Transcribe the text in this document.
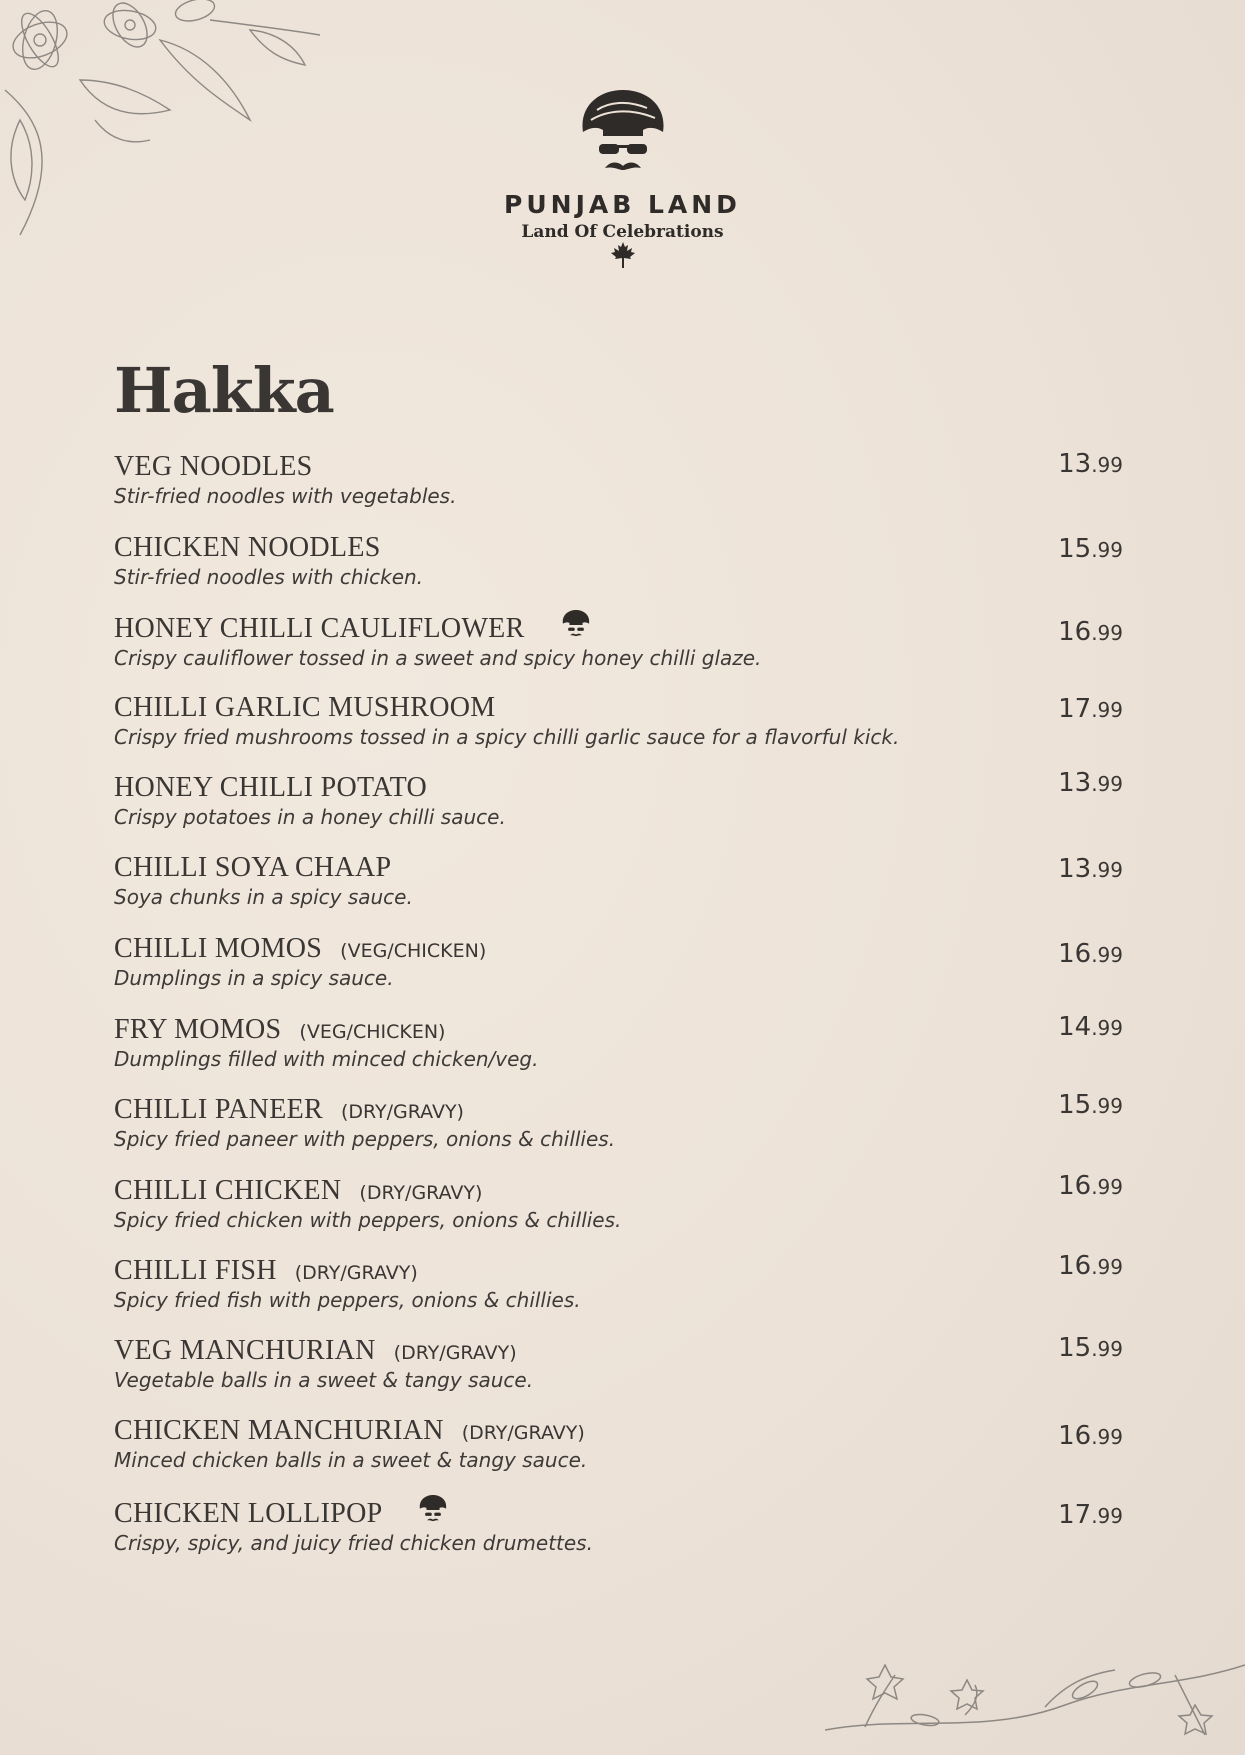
PUNJAB LAND
Land Of Celebrations
Hakka
VEG NOODLES
Stir-fried noodles with vegetables.
13.99
CHICKEN NOODLES
Stir-fried noodles with chicken.
15.99
HONEY CHILLI CAULIFLOWER
Crispy cauliflower tossed in a sweet and spicy honey chilli glaze.
16.99
CHILLI GARLIC MUSHROOM
Crispy fried mushrooms tossed in a spicy chilli garlic sauce for a flavorful kick.
17.99
HONEY CHILLI POTATO
Crispy potatoes in a honey chilli sauce.
13.99
CHILLI SOYA CHAAP
Soya chunks in a spicy sauce.
13.99
CHILLI MOMOS (VEG/CHICKEN)
Dumplings in a spicy sauce.
16.99
FRY MOMOS (VEG/CHICKEN)
Dumplings filled with minced chicken/veg.
14.99
CHILLI PANEER (DRY/GRAVY)
Spicy fried paneer with peppers, onions & chillies.
15.99
CHILLI CHICKEN (DRY/GRAVY)
Spicy fried chicken with peppers, onions & chillies.
16.99
CHILLI FISH (DRY/GRAVY)
Spicy fried fish with peppers, onions & chillies.
16.99
VEG MANCHURIAN (DRY/GRAVY)
Vegetable balls in a sweet & tangy sauce.
15.99
CHICKEN MANCHURIAN (DRY/GRAVY)
Minced chicken balls in a sweet & tangy sauce.
16.99
CHICKEN LOLLIPOP
Crispy, spicy, and juicy fried chicken drumettes.
17.99
